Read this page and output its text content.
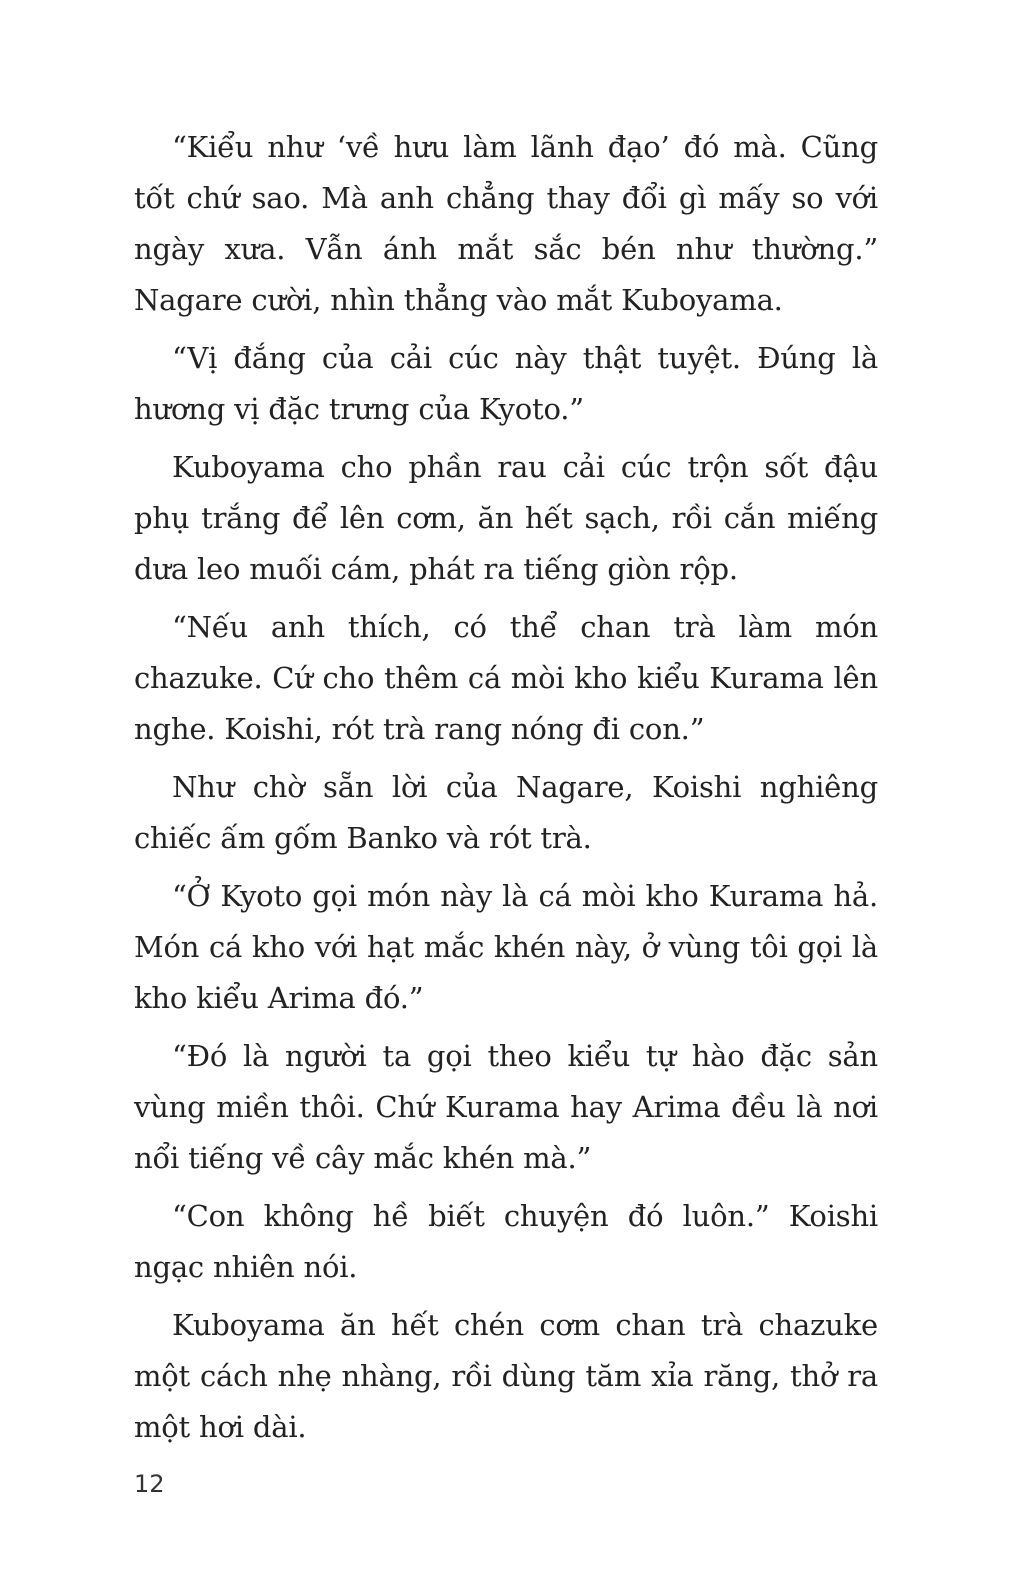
“Kiểu như ‘về hưu làm lãnh đạo’ đó mà. Cũng tốt chứ sao. Mà anh chẳng thay đổi gì mấy so với ngày xưa. Vẫn ánh mắt sắc bén như thường.” Nagare cười, nhìn thẳng vào mắt Kuboyama.

“Vị đắng của cải cúc này thật tuyệt. Đúng là hương vị đặc trưng của Kyoto.”

Kuboyama cho phần rau cải cúc trộn sốt đậu phụ trắng để lên cơm, ăn hết sạch, rồi cắn miếng dưa leo muối cám, phát ra tiếng giòn rộp.

“Nếu anh thích, có thể chan trà làm món chazuke. Cứ cho thêm cá mòi kho kiểu Kurama lên nghe. Koishi, rót trà rang nóng đi con.”

Như chờ sẵn lời của Nagare, Koishi nghiêng chiếc ấm gốm Banko và rót trà.

“Ở Kyoto gọi món này là cá mòi kho Kurama hả. Món cá kho với hạt mắc khén này, ở vùng tôi gọi là kho kiểu Arima đó.”

“Đó là người ta gọi theo kiểu tự hào đặc sản vùng miền thôi. Chứ Kurama hay Arima đều là nơi nổi tiếng về cây mắc khén mà.”

“Con không hề biết chuyện đó luôn.” Koishi ngạc nhiên nói.

Kuboyama ăn hết chén cơm chan trà chazuke một cách nhẹ nhàng, rồi dùng tăm xỉa răng, thở ra một hơi dài.

12
